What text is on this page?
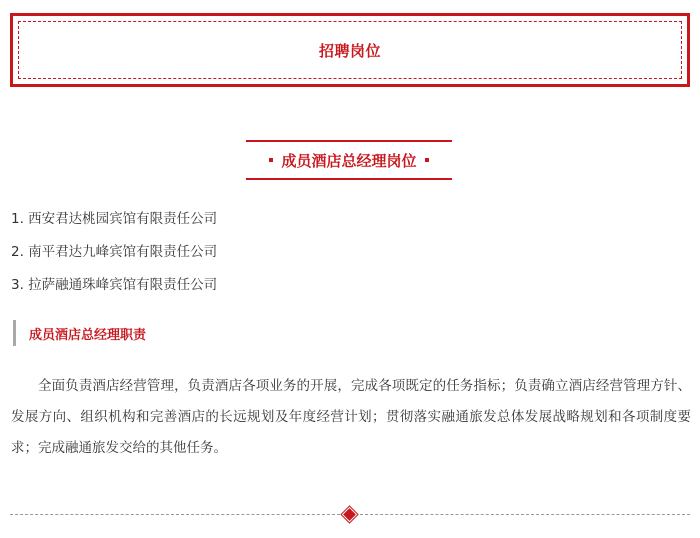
招聘岗位
成员酒店总经理岗位
1. 西安君达桃园宾馆有限责任公司
2. 南平君达九峰宾馆有限责任公司
3. 拉萨融通珠峰宾馆有限责任公司
成员酒店总经理职责

全面负责酒店经营管理，负责酒店各项业务的开展，完成各项既定的任务指标；负责确立酒店经营管理方针、发展方向、组织机构和完善酒店的长远规划及年度经营计划；贯彻落实融通旅发总体发展战略规划和各项制度要求；完成融通旅发交给的其他任务。
